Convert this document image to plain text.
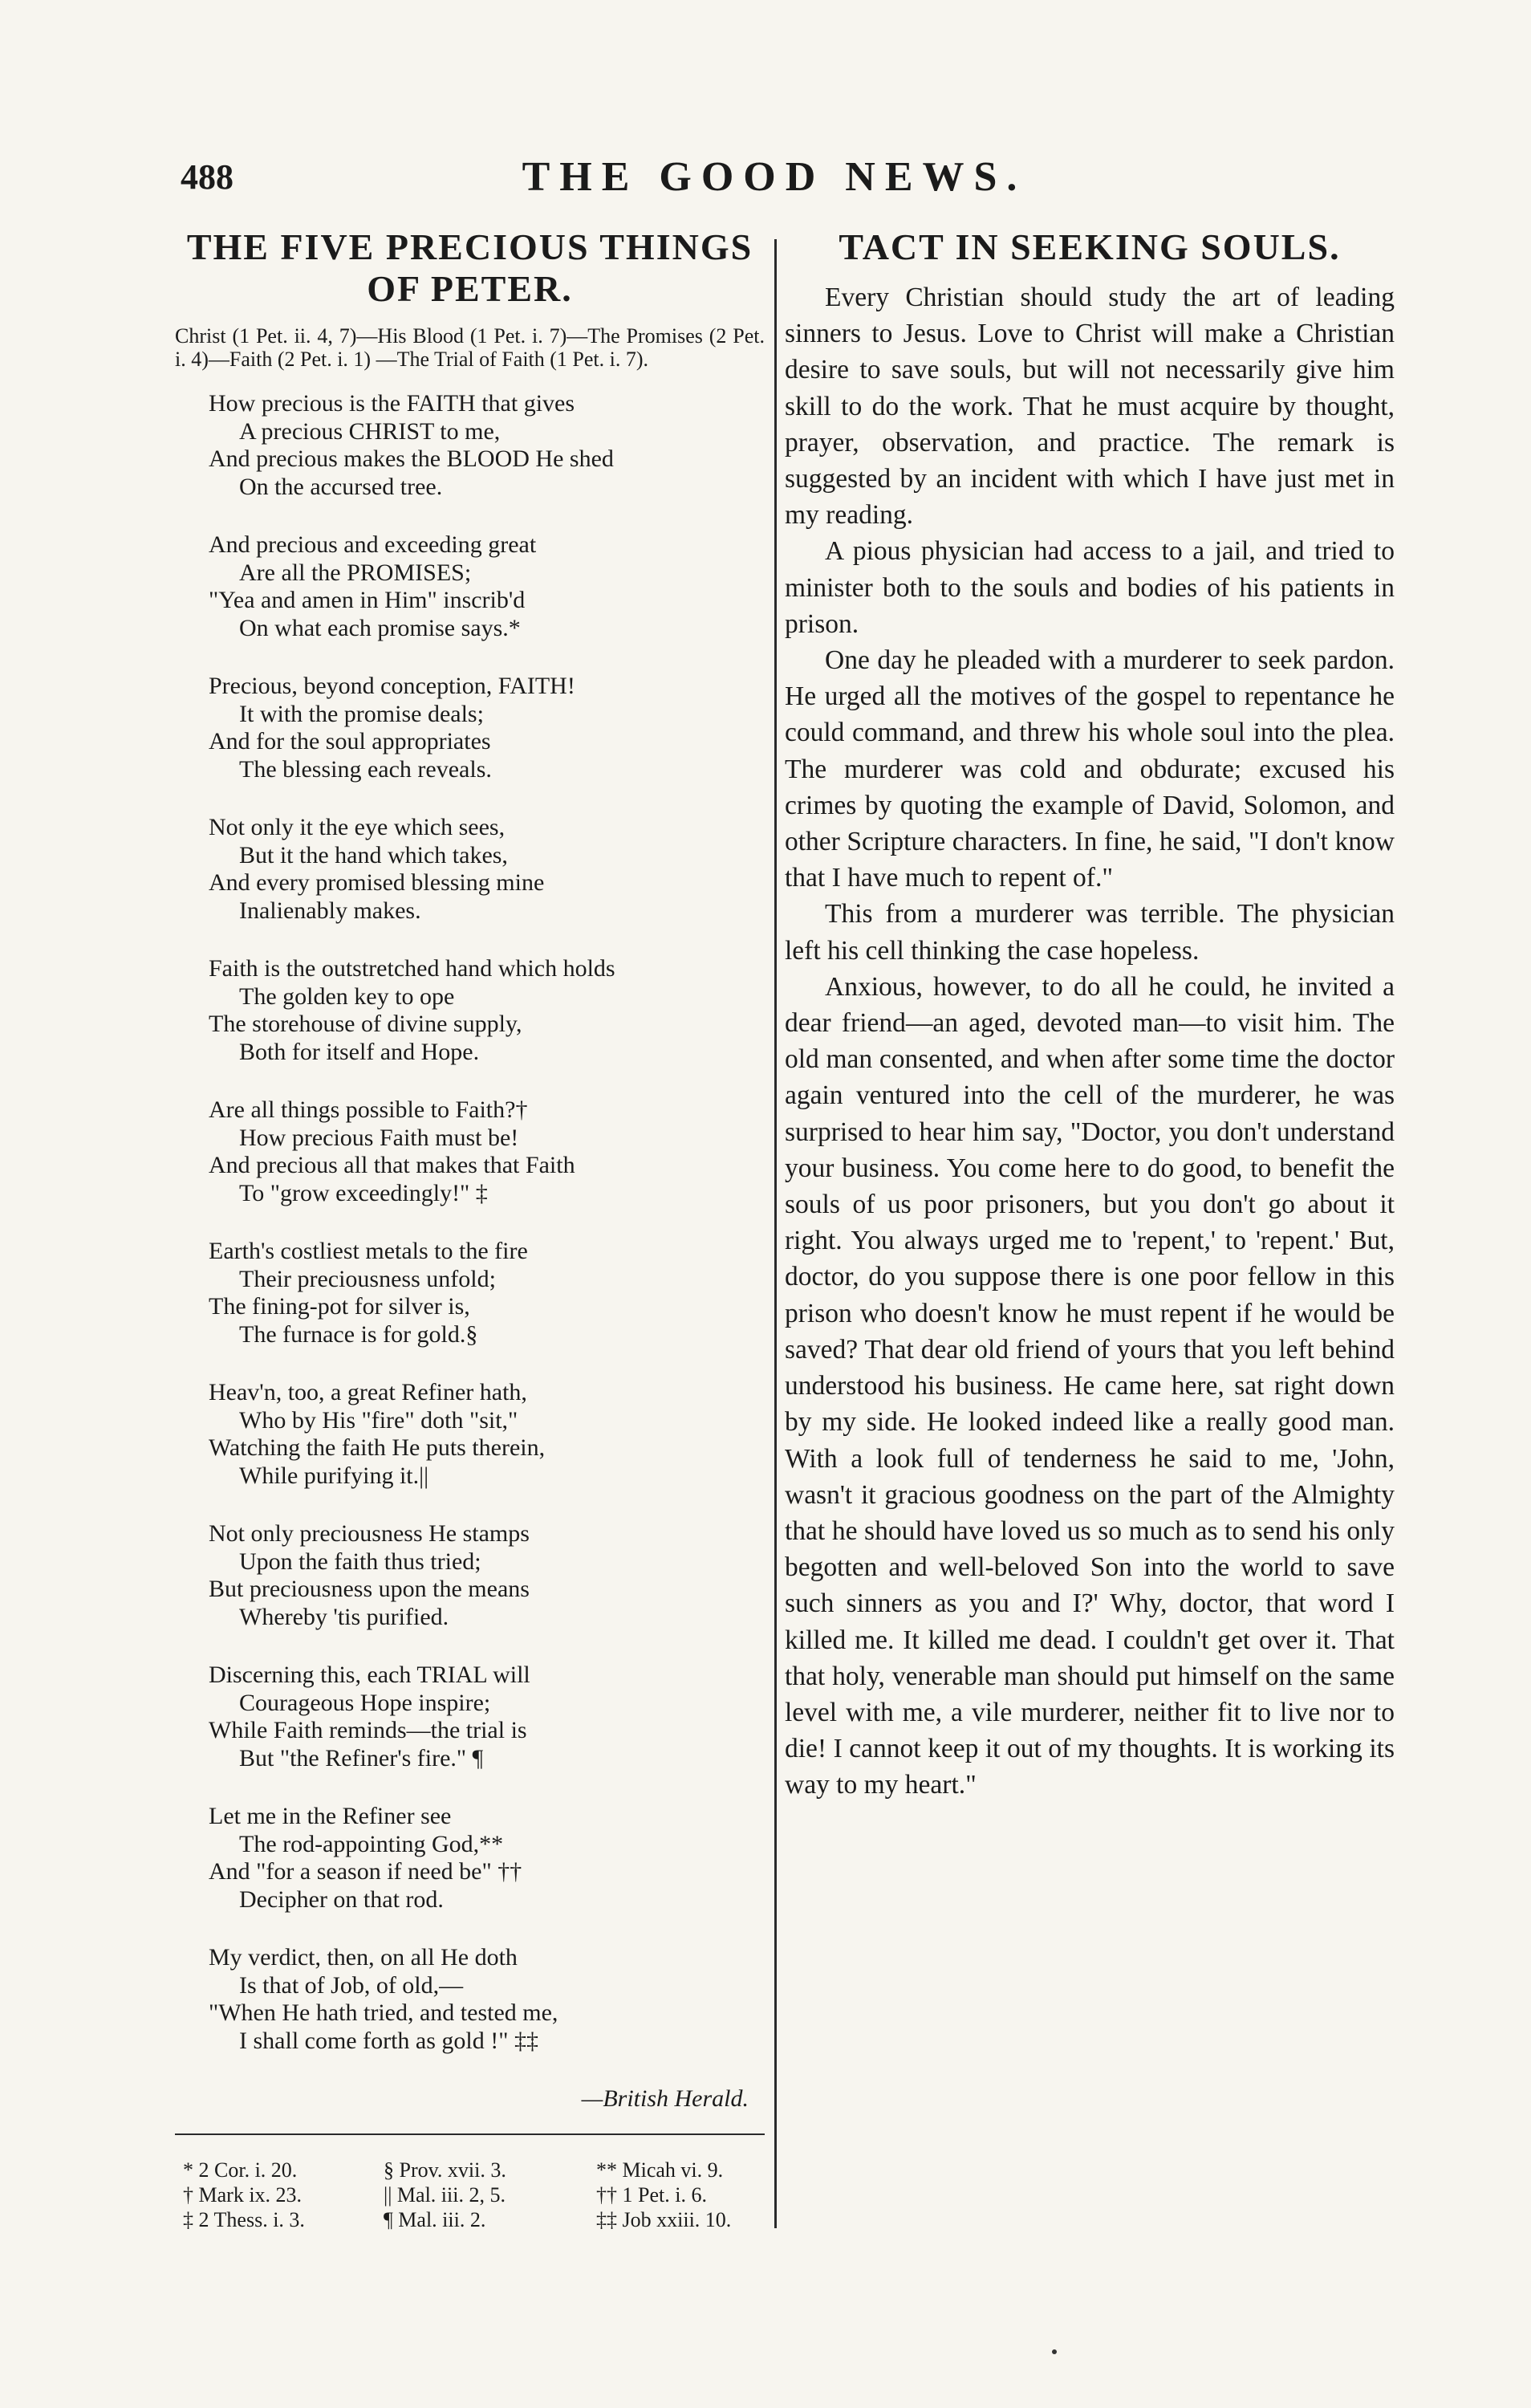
488	THE GOOD NEWS.
THE FIVE PRECIOUS THINGS OF PETER.
Christ (1 Pet. ii. 4, 7)—His Blood (1 Pet. i. 7)—The Promises (2 Pet. i. 4)—Faith (2 Pet. i. 1) —The Trial of Faith (1 Pet. i. 7).
How precious is the FAITH that gives
A precious CHRIST to me,
And precious makes the BLOOD He shed
On the accursed tree.
And precious and exceeding great
Are all the PROMISES;
"Yea and amen in Him" inscrib'd
On what each promise says.*
Precious, beyond conception, FAITH!
It with the promise deals;
And for the soul appropriates
The blessing each reveals.
Not only it the eye which sees,
But it the hand which takes,
And every promised blessing mine
Inalienably makes.
Faith is the outstretched hand which holds
The golden key to ope
The storehouse of divine supply,
Both for itself and Hope.
Are all things possible to Faith?†
How precious Faith must be!
And precious all that makes that Faith
To "grow exceedingly!" ‡
Earth's costliest metals to the fire
Their preciousness unfold;
The fining-pot for silver is,
The furnace is for gold.§
Heav'n, too, a great Refiner hath,
Who by His "fire" doth "sit,"
Watching the faith He puts therein,
While purifying it.||
Not only preciousness He stamps
Upon the faith thus tried;
But preciousness upon the means
Whereby 'tis purified.
Discerning this, each TRIAL will
Courageous Hope inspire;
While Faith reminds—the trial is
But "the Refiner's fire." ¶
Let me in the Refiner see
The rod-appointing God,**
And "for a season if need be" ††
Decipher on that rod.
My verdict, then, on all He doth
Is that of Job, of old,—
"When He hath tried, and tested me,
I shall come forth as gold !" ‡‡
—British Herald.
* 2 Cor. i. 20.	§ Prov. xvii. 3.	** Micah vi. 9.
† Mark ix. 23.	|| Mal. iii. 2, 5.	†† 1 Pet. i. 6.
‡ 2 Thess. i. 3.	¶ Mal. iii. 2.	‡‡ Job xxiii. 10.
TACT IN SEEKING SOULS.

Every Christian should study the art of leading sinners to Jesus. Love to Christ will make a Christian desire to save souls, but will not necessarily give him skill to do the work. That he must acquire by thought, prayer, observation, and practice. The remark is suggested by an incident with which I have just met in my reading.

A pious physician had access to a jail, and tried to minister both to the souls and bodies of his patients in prison.

One day he pleaded with a murderer to seek pardon. He urged all the motives of the gospel to repentance he could command, and threw his whole soul into the plea. The murderer was cold and obdurate; excused his crimes by quoting the example of David, Solomon, and other Scripture characters. In fine, he said, "I don't know that I have much to repent of."

This from a murderer was terrible. The physician left his cell thinking the case hopeless.

Anxious, however, to do all he could, he invited a dear friend—an aged, devoted man—to visit him. The old man consented, and when after some time the doctor again ventured into the cell of the murderer, he was surprised to hear him say, "Doctor, you don't understand your business. You come here to do good, to benefit the souls of us poor prisoners, but you don't go about it right. You always urged me to 'repent,' to 'repent.' But, doctor, do you suppose there is one poor fellow in this prison who doesn't know he must repent if he would be saved? That dear old friend of yours that you left behind understood his business. He came here, sat right down by my side. He looked indeed like a really good man. With a look full of tenderness he said to me, 'John, wasn't it gracious goodness on the part of the Almighty that he should have loved us so much as to send his only begotten and well-beloved Son into the world to save such sinners as you and I?' Why, doctor, that word I killed me. It killed me dead. I couldn't get over it. That that holy, venerable man should put himself on the same level with me, a vile murderer, neither fit to live nor to die! I cannot keep it out of my thoughts. It is working its way to my heart."
